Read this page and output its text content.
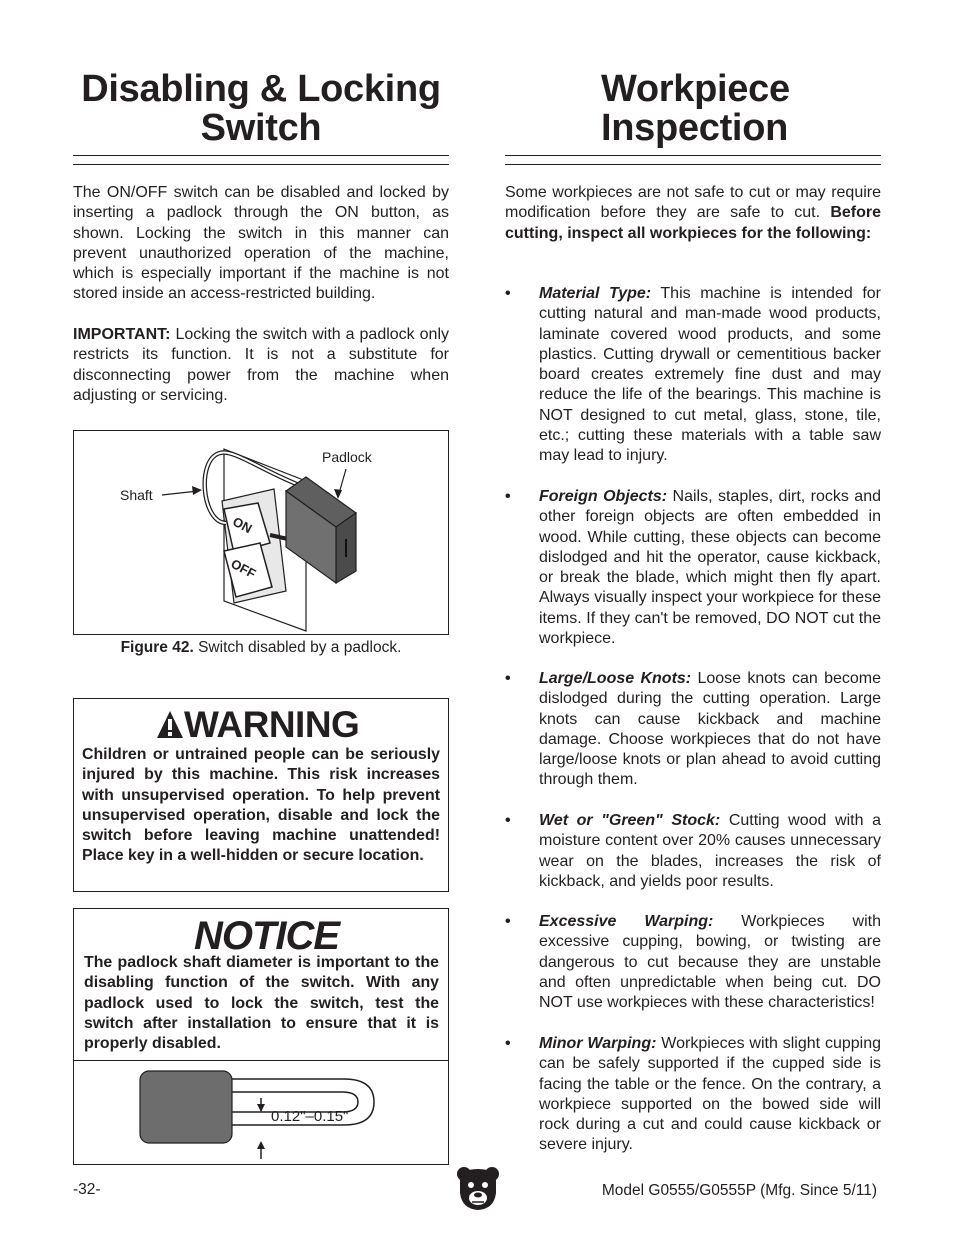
Disabling & Locking
Switch

The ON/OFF switch can be disabled and locked by inserting a padlock through the ON button, as shown. Locking the switch in this manner can prevent unauthorized operation of the machine, which is especially important if the machine is not stored inside an access-restricted building.

IMPORTANT: Locking the switch with a padlock only restricts its function. It is not a substitute for disconnecting power from the machine when adjusting or servicing.

ON
OFF
Padlock
Shaft
Figure 42. Switch disabled by a padlock.
WARNING
Children or untrained people can be seriously injured by this machine. This risk increases with unsupervised operation. To help prevent unsupervised operation, disable and lock the switch before leaving machine unattended! Place key in a well-hidden or secure location.
NOTICE
The padlock shaft diameter is important to the disabling function of the switch. With any padlock used to lock the switch, test the switch after installation to ensure that it is properly disabled.
0.12"–0.15"
Workpiece
Inspection

Some workpieces are not safe to cut or may require modification before they are safe to cut. Before cutting, inspect all workpieces for the following:

• Material Type: This machine is intended for cutting natural and man-made wood products, laminate covered wood products, and some plastics. Cutting drywall or cementitious backer board creates extremely fine dust and may reduce the life of the bearings. This machine is NOT designed to cut metal, glass, stone, tile, etc.; cutting these materials with a table saw may lead to injury.
• Foreign Objects: Nails, staples, dirt, rocks and other foreign objects are often embedded in wood. While cutting, these objects can become dislodged and hit the operator, cause kickback, or break the blade, which might then fly apart. Always visually inspect your workpiece for these items. If they can't be removed, DO NOT cut the workpiece.
• Large/Loose Knots: Loose knots can become dislodged during the cutting operation. Large knots can cause kickback and machine damage. Choose workpieces that do not have large/loose knots or plan ahead to avoid cutting through them.
• Wet or "Green" Stock: Cutting wood with a moisture content over 20% causes unnecessary wear on the blades, increases the risk of kickback, and yields poor results.
• Excessive Warping: Workpieces with excessive cupping, bowing, or twisting are dangerous to cut because they are unstable and often unpredictable when being cut. DO NOT use workpieces with these characteristics!
• Minor Warping: Workpieces with slight cupping can be safely supported if the cupped side is facing the table or the fence. On the contrary, a workpiece supported on the bowed side will rock during a cut and could cause kickback or severe injury.
-32-	Model G0555/G0555P (Mfg. Since 5/11)
